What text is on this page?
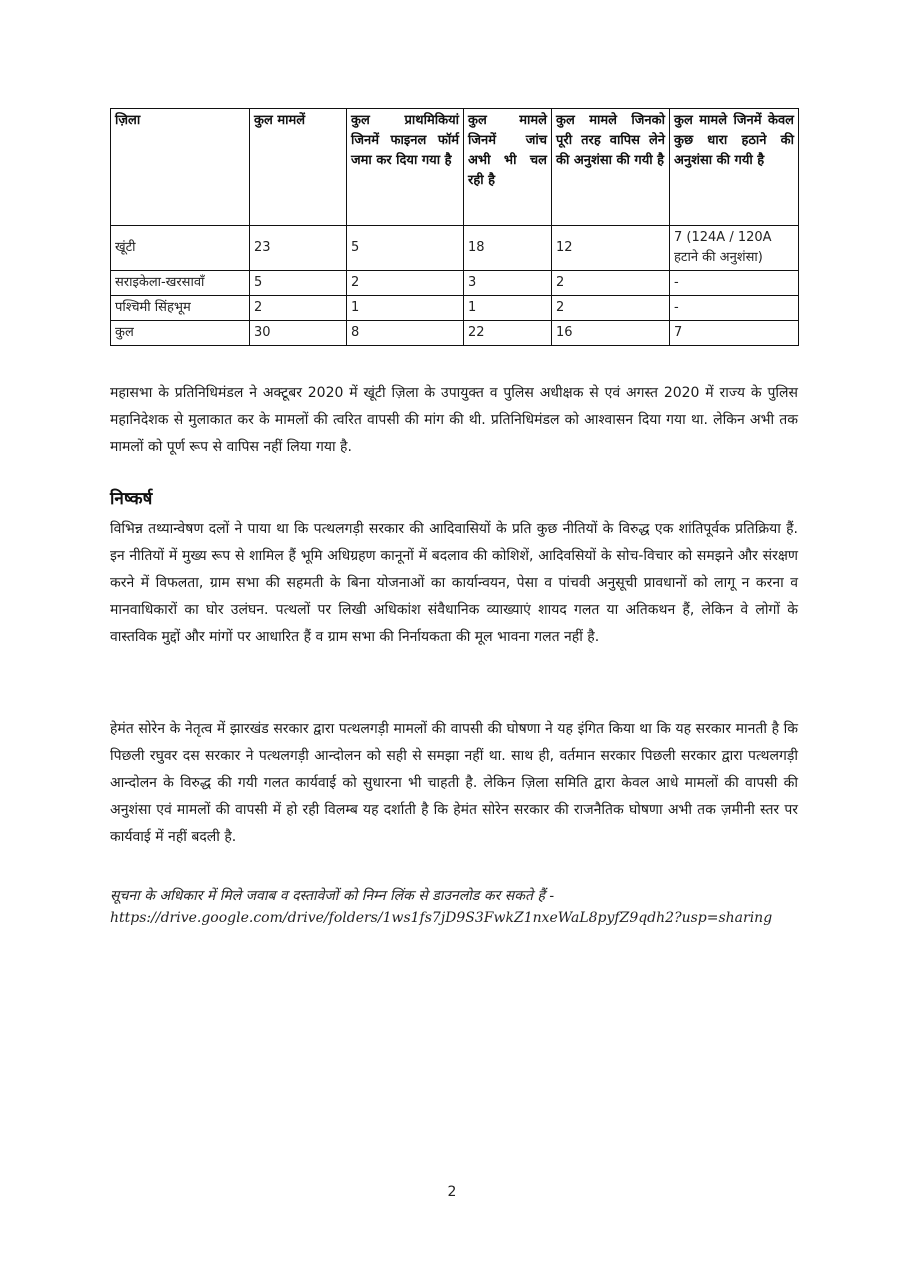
ज़िला	कुल मामलें	कुल प्राथमिकियां जिनमें फाइनल फॉर्म जमा कर दिया गया है	कुल मामले जिनमें जांच अभी भी चल रही है	कुल मामले जिनको पूरी तरह वापिस लेने की अनुशंसा की गयी है	कुल मामले जिनमें केवल कुछ धारा हठाने की अनुशंसा की गयी है
खूंटी	23	5	18	12	7 (124A / 120A हटाने की अनुशंसा)
सराइकेला-खरसावाँ	5	2	3	2	-
पश्चिमी सिंहभूम	2	1	1	2	-
कुल	30	8	22	16	7

महासभा के प्रतिनिधिमंडल ने अक्टूबर 2020 में खूंटी ज़िला के उपायुक्त व पुलिस अधीक्षक से एवं अगस्त 2020 में राज्य के पुलिस महानिदेशक से मुलाकात कर के मामलों की त्वरित वापसी की मांग की थी. प्रतिनिधिमंडल को आश्वासन दिया गया था. लेकिन अभी तक मामलों को पूर्ण रूप से वापिस नहीं लिया गया है.

निष्कर्ष

विभिन्न तथ्यान्वेषण दलों ने पाया था कि पत्थलगड़ी सरकार की आदिवासियों के प्रति कुछ नीतियों के विरुद्ध एक शांतिपूर्वक प्रतिक्रिया हैं. इन नीतियों में मुख्य रूप से शामिल हैं भूमि अधिग्रहण कानूनों में बदलाव की कोशिशें, आदिवसियों के सोच-विचार को समझने और संरक्षण करने में विफलता, ग्राम सभा की सहमती के बिना योजनाओं का कार्यान्वयन, पेसा व पांचवी अनुसूची प्रावधानों को लागू न करना व मानवाधिकारों का घोर उलंघन. पत्थलों पर लिखी अधिकांश संवैधानिक व्याख्याएं शायद गलत या अतिकथन हैं, लेकिन वे लोगों के वास्तविक मुद्दों और मांगों पर आधारित हैं व ग्राम सभा की निर्नायकता की मूल भावना गलत नहीं है.

हेमंत सोरेन के नेतृत्व में झारखंड सरकार द्वारा पत्थलगड़ी मामलों की वापसी की घोषणा ने यह इंगित किया था कि यह सरकार मानती है कि पिछली रघुवर दस सरकार ने पत्थलगड़ी आन्दोलन को सही से समझा नहीं था. साथ ही, वर्तमान सरकार पिछली सरकार द्वारा पत्थलगड़ी आन्दोलन के विरुद्ध की गयी गलत कार्यवाई को सुधारना भी चाहती है. लेकिन ज़िला समिति द्वारा केवल आधे मामलों की वापसी की अनुशंसा एवं मामलों की वापसी में हो रही विलम्ब यह दर्शाती है कि हेमंत सोरेन सरकार की राजनैतिक घोषणा अभी तक ज़मीनी स्तर पर कार्यवाई में नहीं बदली है.

सूचना के अधिकार में मिले जवाब व दस्तावेजों को निम्न लिंक से डाउनलोड कर सकते हैं -
https://drive.google.com/drive/folders/1ws1fs7jD9S3FwkZ1nxeWaL8pyfZ9qdh2?usp=sharing
2
